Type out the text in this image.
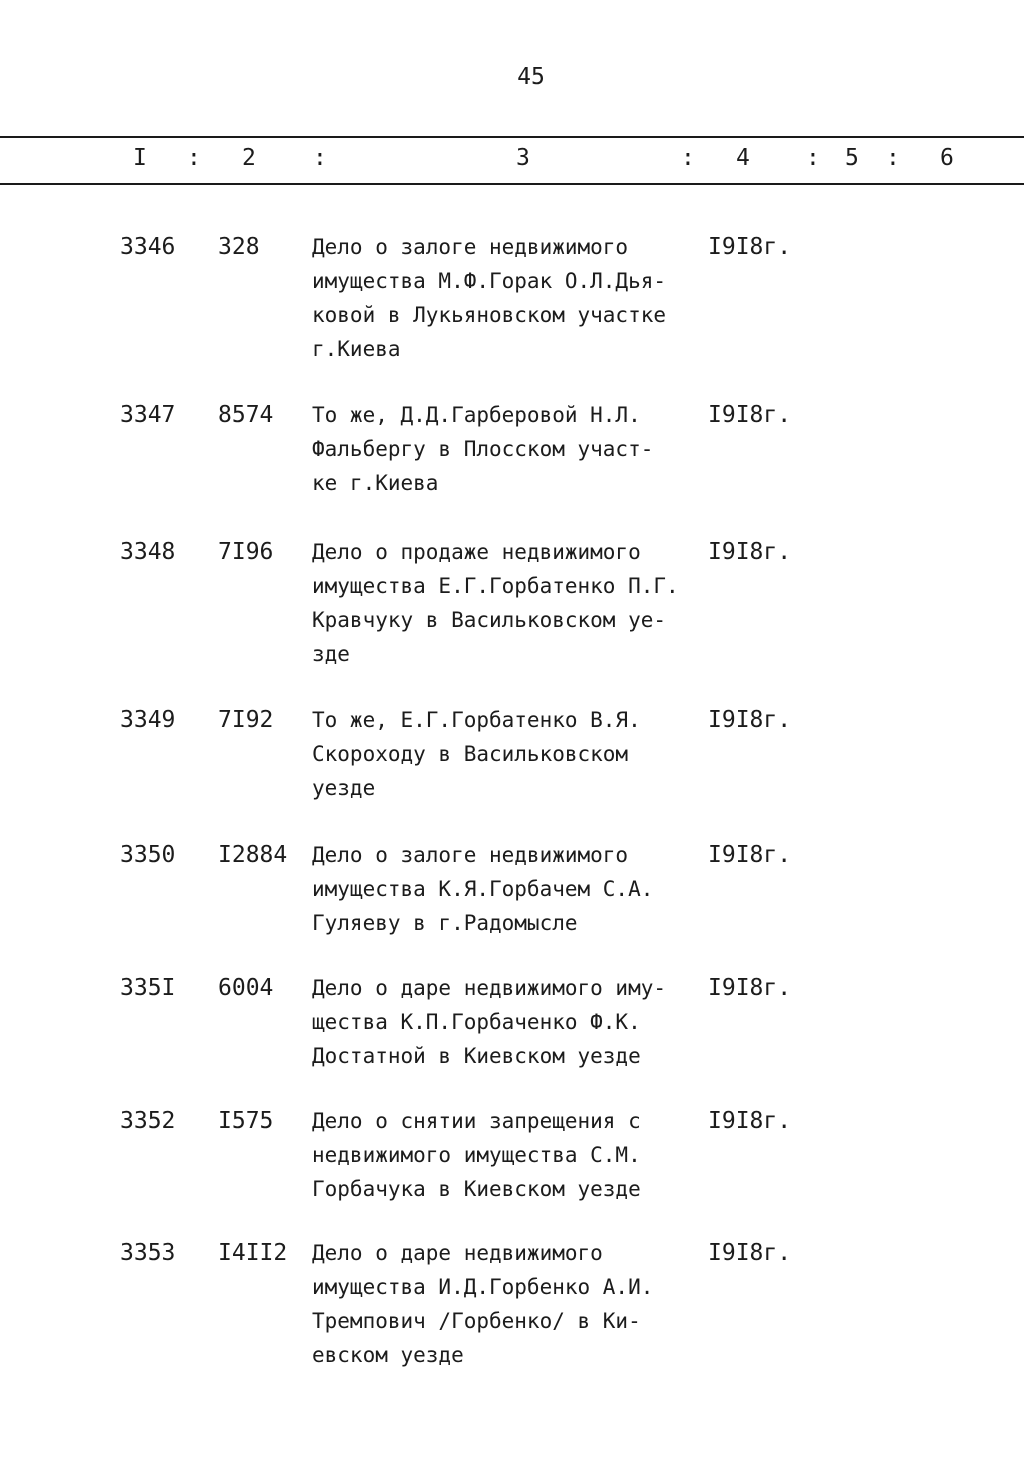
45
I : 2 :	3	: 4 : 5 : 6
3346 328 Дело о залоге недвижимого
имущества М.Ф.Горак О.Л.Дья-
ковой в Лукьяновском участке
г.Киева
I9I8г.
3347 8574 То же, Д.Д.Гарберовой Н.Л.
Фальбергу в Плосском участ-
ке г.Киева
I9I8г.
3348 7I96 Дело о продаже недвижимого
имущества Е.Г.Горбатенко П.Г.
Кравчуку в Васильковском уе-
зде
I9I8г.
3349 7I92 То же, Е.Г.Горбатенко В.Я.
Скороходу в Васильковском
уезде
I9I8г.
3350 I2884 Дело о залоге недвижимого
имущества К.Я.Горбачем С.А.
Гуляеву в г.Радомысле
I9I8г.
335I 6004 Дело о даре недвижимого иму-
щества К.П.Горбаченко Ф.К.
Достатной в Киевском уезде
I9I8г.
3352 I575 Дело о снятии запрещения с
недвижимого имущества С.М.
Горбачука в Киевском уезде
I9I8г.
3353 I4II2 Дело о даре недвижимого
имущества И.Д.Горбенко А.И.
Тремпович /Горбенко/ в Ки-
евском уезде
I9I8г.
